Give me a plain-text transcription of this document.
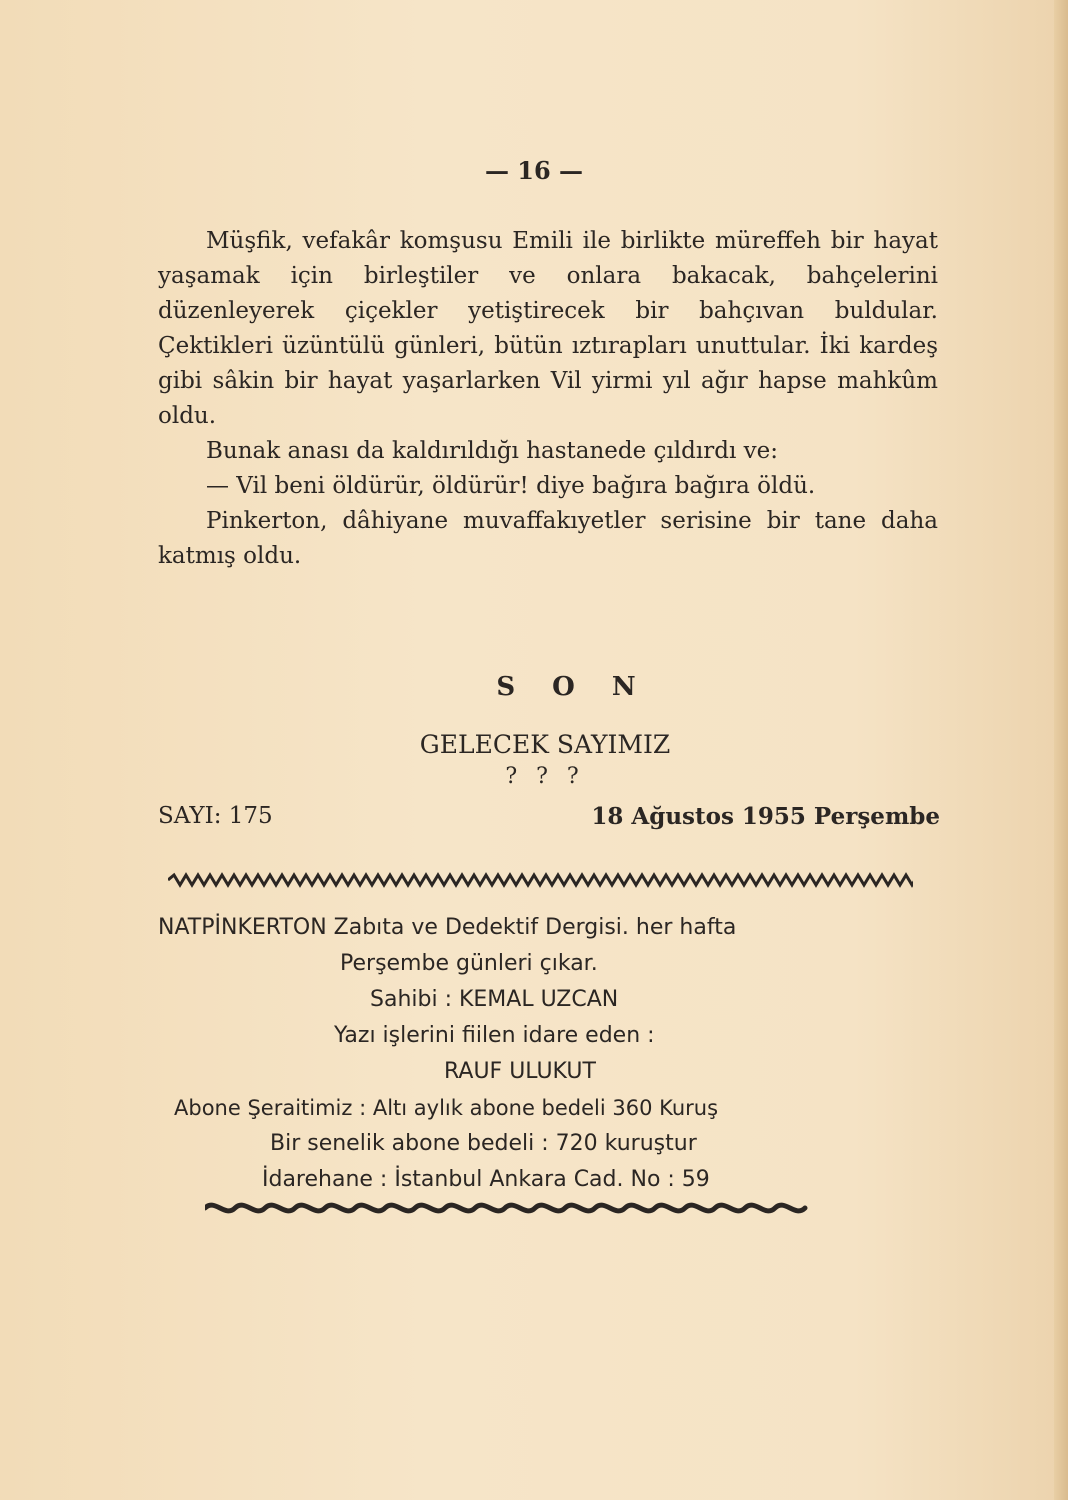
— 16 —

Müşfik, vefakâr komşusu Emili ile birlikte müreffeh bir hayat yaşamak için birleştiler ve onlara bakacak, bahçelerini düzenleyerek çiçekler yetiştirecek bir bahçıvan buldular. Çektikleri üzüntülü günleri, bütün ıztırapları unuttular. İki kardeş gibi sâkin bir hayat yaşarlarken Vil yirmi yıl ağır hapse mahkûm oldu.

Bunak anası da kaldırıldığı hastanede çıldırdı ve:

— Vil beni öldürür, öldürür! diye bağıra bağıra öldü.

Pinkerton, dâhiyane muvaffakıyetler serisine bir tane daha katmış oldu.

S O N
GELECEK SAYIMIZ
? ? ?
SAYI: 175	18 Ağustos 1955 Perşembe
NATPİNKERTON Zabıta ve Dedektif Dergisi. her hafta
Perşembe günleri çıkar.
Sahibi : KEMAL UZCAN
Yazı işlerini fiilen idare eden :
RAUF ULUKUT
Abone Şeraitimiz : Altı aylık abone bedeli 360 Kuruş
Bir senelik abone bedeli : 720 kuruştur
İdarehane : İstanbul Ankara Cad. No : 59
